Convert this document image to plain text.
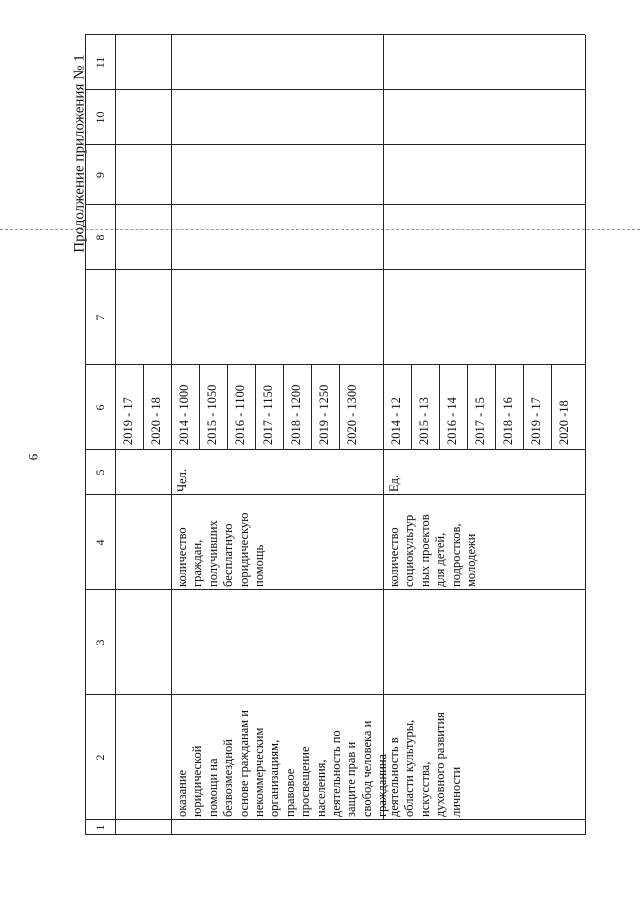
6
Продолжение приложения № 1
1
2
3
4
5
6
7
8
9
10
11
2019 - 17 2020 - 18
оказание юридической помощи на безвозмездной основе гражданам и некоммерческим организациям, правовое просвещение населения, деятельность по защите прав и свобод человека и гражданина
количество граждан, получивших бесплатную юридическую помощь
Чел.
2014 - 1000 2015 - 1050 2016 - 1100 2017 - 1150 2018 - 1200 2019 - 1250 2020 - 1300
деятельность в области культуры, искусства, духовного развития личности
количество социокультур ных проектов для детей, подростков, молодежи
Ед.
2014 - 12 2015 - 13 2016 - 14 2017 - 15 2018 - 16 2019 - 17 2020 -18
